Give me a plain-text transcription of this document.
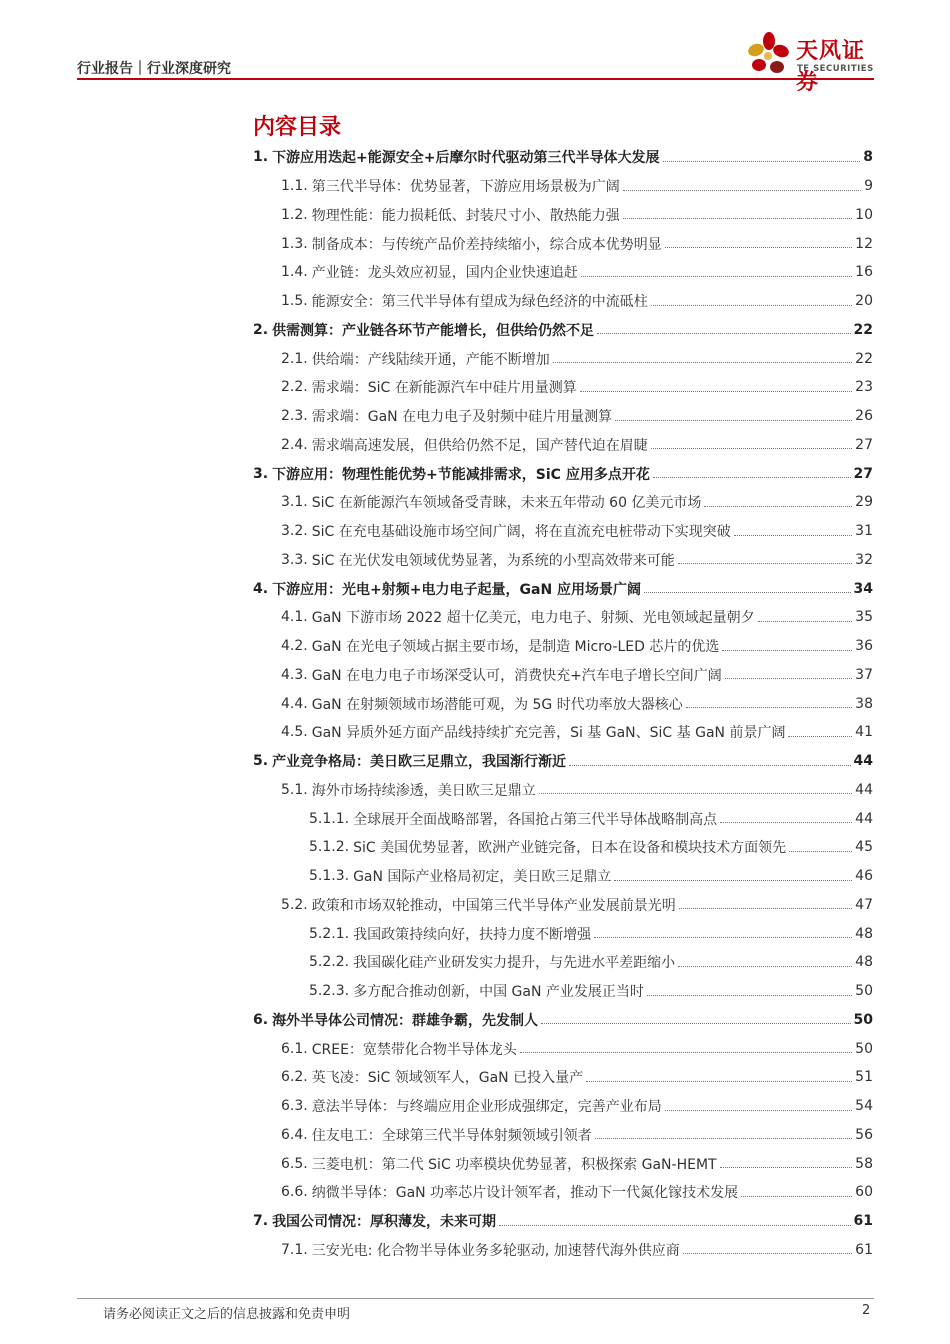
行业报告｜行业深度研究
天风证券
TF SECURITIES
内容目录
1. 下游应用迭起+能源安全+后摩尔时代驱动第三代半导体大发展	8
1.1. 第三代半导体：优势显著，下游应用场景极为广阔	9
1.2. 物理性能：能力损耗低、封装尺寸小、散热能力强	10
1.3. 制备成本：与传统产品价差持续缩小，综合成本优势明显	12
1.4. 产业链：龙头效应初显，国内企业快速追赶	16
1.5. 能源安全：第三代半导体有望成为绿色经济的中流砥柱	20
2. 供需测算：产业链各环节产能增长，但供给仍然不足	22
2.1. 供给端：产线陆续开通，产能不断增加	22
2.2. 需求端：SiC 在新能源汽车中硅片用量测算	23
2.3. 需求端：GaN 在电力电子及射频中硅片用量测算	26
2.4. 需求端高速发展，但供给仍然不足，国产替代迫在眉睫	27
3. 下游应用：物理性能优势+节能减排需求，SiC 应用多点开花	27
3.1. SiC 在新能源汽车领域备受青睐，未来五年带动 60 亿美元市场	29
3.2. SiC 在充电基础设施市场空间广阔，将在直流充电桩带动下实现突破	31
3.3. SiC 在光伏发电领域优势显著，为系统的小型高效带来可能	32
4. 下游应用：光电+射频+电力电子起量，GaN 应用场景广阔	34
4.1. GaN 下游市场 2022 超十亿美元，电力电子、射频、光电领域起量朝夕	35
4.2. GaN 在光电子领域占据主要市场，是制造 Micro-LED 芯片的优选	36
4.3. GaN 在电力电子市场深受认可，消费快充+汽车电子增长空间广阔	37
4.4. GaN 在射频领域市场潜能可观，为 5G 时代功率放大器核心	38
4.5. GaN 异质外延方面产品线持续扩充完善，Si 基 GaN、SiC 基 GaN 前景广阔	41
5. 产业竞争格局：美日欧三足鼎立，我国渐行渐近	44
5.1. 海外市场持续渗透，美日欧三足鼎立	44
5.1.1. 全球展开全面战略部署，各国抢占第三代半导体战略制高点	44
5.1.2. SiC 美国优势显著，欧洲产业链完备，日本在设备和模块技术方面领先	45
5.1.3. GaN 国际产业格局初定，美日欧三足鼎立	46
5.2. 政策和市场双轮推动，中国第三代半导体产业发展前景光明	47
5.2.1. 我国政策持续向好，扶持力度不断增强	48
5.2.2. 我国碳化硅产业研发实力提升，与先进水平差距缩小	48
5.2.3. 多方配合推动创新，中国 GaN 产业发展正当时	50
6. 海外半导体公司情况：群雄争霸，先发制人	50
6.1. CREE：宽禁带化合物半导体龙头	50
6.2. 英飞凌：SiC 领域领军人，GaN 已投入量产	51
6.3. 意法半导体：与终端应用企业形成强绑定，完善产业布局	54
6.4. 住友电工：全球第三代半导体射频领域引领者	56
6.5. 三菱电机：第二代 SiC 功率模块优势显著，积极探索 GaN-HEMT	58
6.6. 纳微半导体：GaN 功率芯片设计领军者，推动下一代氮化镓技术发展	60
7. 我国公司情况：厚积薄发，未来可期	61
7.1. 三安光电: 化合物半导体业务多轮驱动, 加速替代海外供应商	61
请务必阅读正文之后的信息披露和免责申明	2
